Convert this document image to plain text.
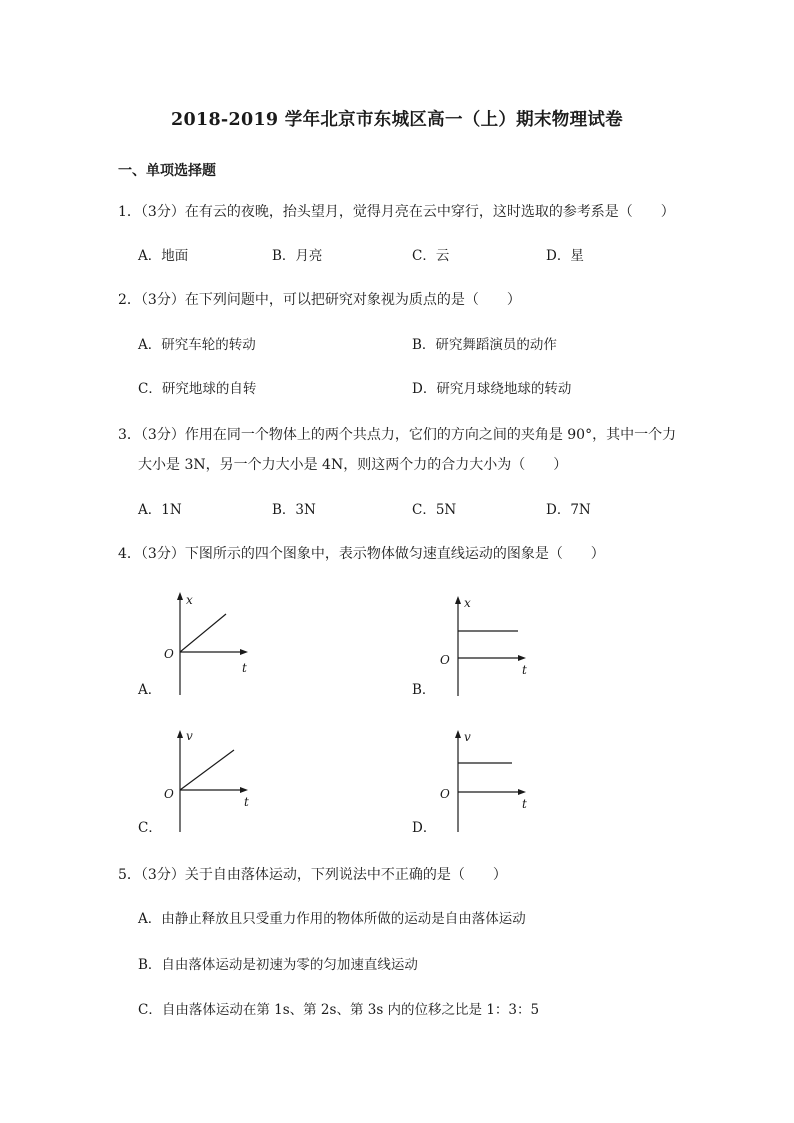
2018-2019 学年北京市东城区高一（上）期末物理试卷
一、单项选择题
1．（3分）在有云的夜晚，抬头望月，觉得月亮在云中穿行，这时选取的参考系是（　　）
A．地面	B．月亮	C．云	D．星
2．（3分）在下列问题中，可以把研究对象视为质点的是（　　）
A．研究车轮的转动	B．研究舞蹈演员的动作
C．研究地球的自转	D．研究月球绕地球的转动
3．（3分）作用在同一个物体上的两个共点力，它们的方向之间的夹角是 90°，其中一个力
大小是 3N，另一个力大小是 4N，则这两个力的合力大小为（　　）
A．1N	B．3N	C．5N	D．7N
4．（3分）下图所示的四个图象中，表示物体做匀速直线运动的图象是（　　）
x
t
O
A．
x
t
O
B．
v
t
O
C．
v
t
O
D．
5．（3分）关于自由落体运动，下列说法中不正确的是（　　）
A．由静止释放且只受重力作用的物体所做的运动是自由落体运动
B．自由落体运动是初速为零的匀加速直线运动
C．自由落体运动在第 1s、第 2s、第 3s 内的位移之比是 1：3：5
